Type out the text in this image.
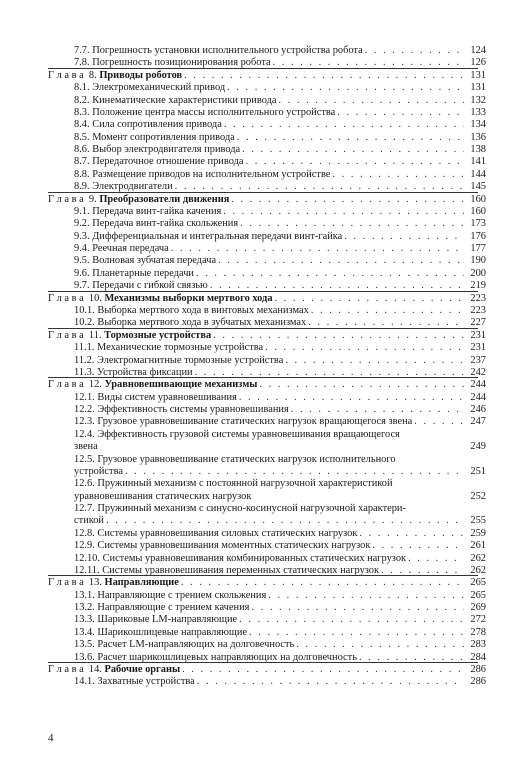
7.7. Погрешность установки исполнительного устройства робота . . .	124
7.8. Погрешность позиционирования робота . . .	126
Г л а в а  8. Приводы роботов . . .	131
8.1. Электромеханический привод . . .	131
8.2. Кинематические характеристики привода . . .	132
8.3. Положение центра массы исполнительного устройства . . .	133
8.4. Сила сопротивления привода . . .	134
8.5. Момент сопротивления привода . . .	136
8.6. Выбор электродвигателя привода . . .	138
8.7. Передаточное отношение привода . . .	141
8.8. Размещение приводов на исполнительном устройстве . . .	144
8.9. Электродвигатели . . .	145
Г л а в а  9. Преобразователи движения . . .	160
9.1. Передача винт-гайка качения . . .	160
9.2. Передача винт-гайка скольжения . . .	173
9.3. Дифференциальная и интегральная передачи винт-гайка . . .	176
9.4. Реечная передача . . .	177
9.5. Волновая зубчатая передача . . .	190
9.6. Планетарные передачи . . .	200
9.7. Передачи с гибкой связью . . .	219
Г л а в а  10. Механизмы выборки мертвого хода . . .	223
10.1. Выборка мертвого хода в винтовых механизмах . . .	223
10.2. Выборка мертвого хода в зубчатых механизмах . . .	227
Г л а в а  11. Тормозные устройства . . .	231
11.1. Механические тормозные устройства . . .	231
11.2. Электромагнитные тормозные устройства . . .	237
11.3. Устройства фиксации . . .	242
Г л а в а  12. Уравновешивающие механизмы . . .	244
12.1. Виды систем уравновешивания . . .	244
12.2. Эффективность системы уравновешивания . . .	246
12.3. Грузовое уравновешивание статических нагрузок вращающегося звена . . .	247
12.4. Эффективность грузовой системы уравновешивания вращающегося
звена	249
12.5. Грузовое уравновешивание статических нагрузок исполнительного
устройства . . .	251
12.6. Пружинный механизм с постоянной нагрузочной характеристикой
уравновешивания статических нагрузок	252
12.7. Пружинный механизм с синусно-косинусной нагрузочной характери-
стикой . . .	255
12.8. Системы уравновешивания силовых статических нагрузок . . .	259
12.9. Системы уравновешивания моментных статических нагрузок . . .	261
12.10. Системы уравновешивания комбинированных статических нагрузок . . .	262
12.11. Системы уравновешивания переменных статических нагрузок . . .	262
Г л а в а  13. Направляющие . . .	265
13.1. Направляющие с трением скольжения . . .	265
13.2. Направляющие с трением качения . . .	269
13.3. Шариковые LM-направляющие . . .	272
13.4. Шарикошлицевые направляющие . . .	278
13.5. Расчет LM-направляющих на долговечность . . .	283
13.6. Расчет шарикошлицевых направляющих на долговечность . . .	284
Г л а в а  14. Рабочие органы . . .	286
14.1. Захватные устройства . . .	286
4
